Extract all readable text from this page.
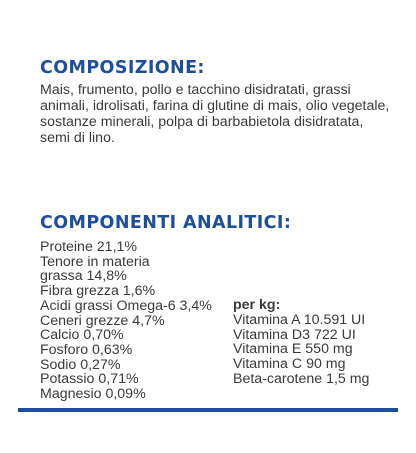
COMPOSIZIONE:

Mais, frumento, pollo e tacchino disidratati, grassi animali, idrolisati, farina di glutine di mais, olio vegetale, sostanze minerali, polpa di barbabietola disidratata, semi di lino.

COMPONENTI ANALITICI:
Proteine 21,1%
Tenore in materia
grassa 14,8%
Fibra grezza 1,6%
Acidi grassi Omega-6 3,4%
Ceneri grezze 4,7%
Calcio 0,70%
Fosforo 0,63%
Sodio 0,27%
Potassio 0,71%
Magnesio 0,09%

per kg:

Vitamina A 10.591 UI
Vitamina D3 722 UI
Vitamina E 550 mg
Vitamina C 90 mg
Beta-carotene 1,5 mg
